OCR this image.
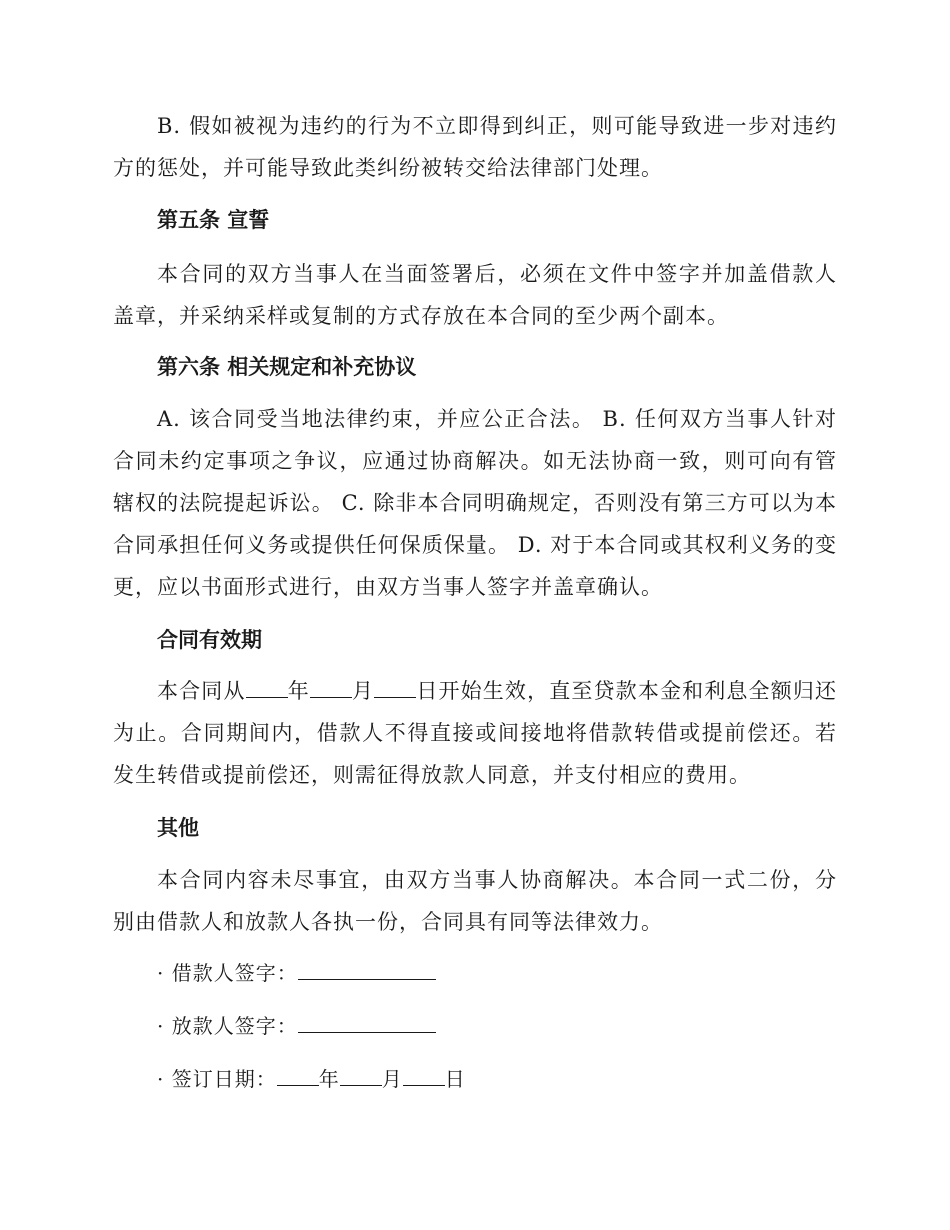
B. 假如被视为违约的行为不立即得到纠正，则可能导致进一步对违约方的惩处，并可能导致此类纠纷被转交给法律部门处理。

第五条 宣誓

本合同的双方当事人在当面签署后，必须在文件中签字并加盖借款人盖章，并采纳采样或复制的方式存放在本合同的至少两个副本。

第六条 相关规定和补充协议

A. 该合同受当地法律约束，并应公正合法。 B. 任何双方当事人针对合同未约定事项之争议，应通过协商解决。如无法协商一致，则可向有管辖权的法院提起诉讼。 C. 除非本合同明确规定，否则没有第三方可以为本合同承担任何义务或提供任何保质保量。 D. 对于本合同或其权利义务的变更，应以书面形式进行，由双方当事人签字并盖章确认。

合同有效期

本合同从 年 月 日开始生效，直至贷款本金和利息全额归还为止。合同期间内，借款人不得直接或间接地将借款转借或提前偿还。若发生转借或提前偿还，则需征得放款人同意，并支付相应的费用。

其他

本合同内容未尽事宜，由双方当事人协商解决。本合同一式二份，分别由借款人和放款人各执一份，合同具有同等法律效力。

· 借款人签字：

· 放款人签字：

· 签订日期： 年 月 日
